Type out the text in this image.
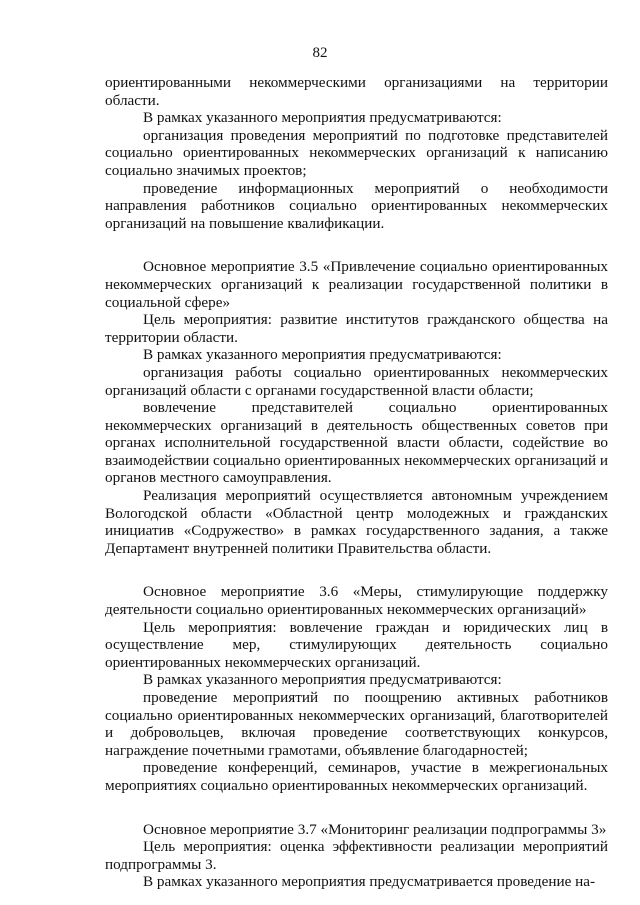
82

ориентированными некоммерческими организациями на территории области.

В рамках указанного мероприятия предусматриваются:

организация проведения мероприятий по подготовке представителей социально ориентированных некоммерческих организаций к написанию социально значимых проектов;

проведение информационных мероприятий о необходимости направления работников социально ориентированных некоммерческих организаций на повышение квалификации.

Основное мероприятие 3.5 «Привлечение социально ориентированных некоммерческих организаций к реализации государственной политики в социальной сфере»

Цель мероприятия: развитие институтов гражданского общества на территории области.

В рамках указанного мероприятия предусматриваются:

организация работы социально ориентированных некоммерческих организаций области с органами государственной власти области;

вовлечение представителей социально ориентированных некоммерческих организаций в деятельность общественных советов при органах исполнительной государственной власти области, содействие во взаимодействии социально ориентированных некоммерческих организаций и органов местного самоуправления.

Реализация мероприятий осуществляется автономным учреждением Вологодской области «Областной центр молодежных и гражданских инициатив «Содружество» в рамках государственного задания, а также Департамент внутренней политики Правительства области.

Основное мероприятие 3.6 «Меры, стимулирующие поддержку деятельности социально ориентированных некоммерческих организаций»

Цель мероприятия: вовлечение граждан и юридических лиц в осуществление мер, стимулирующих деятельность социально ориентированных некоммерческих организаций.

В рамках указанного мероприятия предусматриваются:

проведение мероприятий по поощрению активных работников социально ориентированных некоммерческих организаций, благотворителей и добровольцев, включая проведение соответствующих конкурсов, награждение почетными грамотами, объявление благодарностей;

проведение конференций, семинаров, участие в межрегиональных мероприятиях социально ориентированных некоммерческих организаций.

Основное мероприятие 3.7 «Мониторинг реализации подпрограммы 3»

Цель мероприятия: оценка эффективности реализации мероприятий подпрограммы 3.

В рамках указанного мероприятия предусматривается проведение на-
